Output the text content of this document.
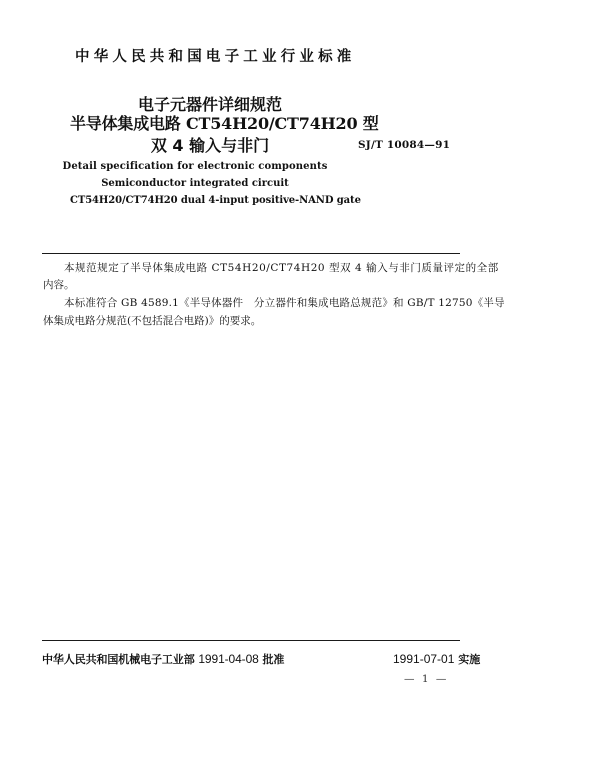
中华人民共和国电子工业行业标准
电子元器件详细规范
半导体集成电路 CT54H20/CT74H20 型
双 4 输入与非门	SJ/T 10084—91
Detail specification for electronic components
Semiconductor integrated circuit
CT54H20/CT74H20 dual 4-input positive-NAND gate
本规范规定了半导体集成电路 CT54H20/CT74H20 型双 4 输入与非门质量评定的全部
内容。
本标准符合 GB 4589.1《半导体器件　分立器件和集成电路总规范》和 GB/T 12750《半导
体集成电路分规范(不包括混合电路)》的要求。
中华人民共和国机械电子工业部 1991-04-08 批准	1991-07-01 实施
— 1 —
